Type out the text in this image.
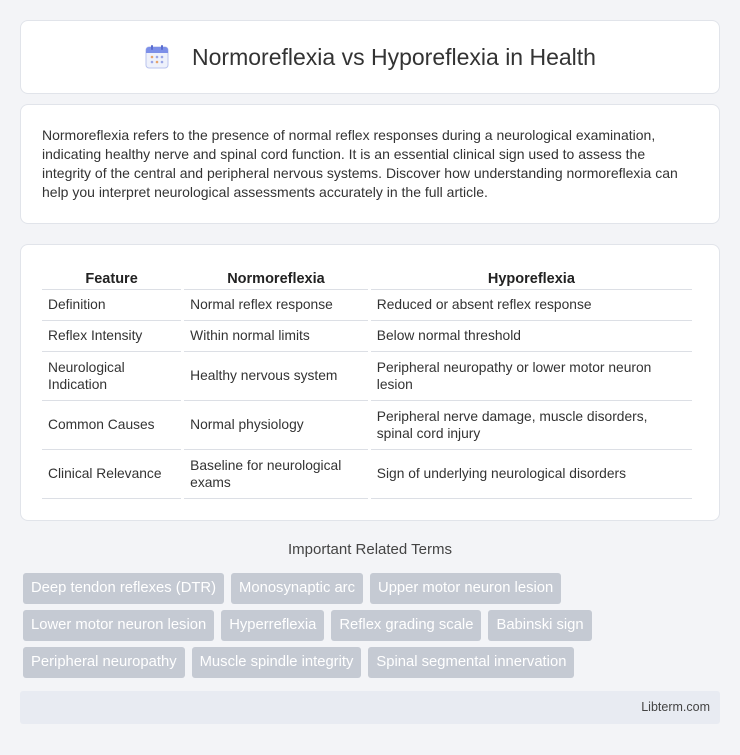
Normoreflexia vs Hyporeflexia in Health

Normoreflexia refers to the presence of normal reflex responses during a neurological examination, indicating healthy nerve and spinal cord function. It is an essential clinical sign used to assess the integrity of the central and peripheral nervous systems. Discover how understanding normoreflexia can help you interpret neurological assessments accurately in the full article.

Feature	Normoreflexia	Hyporeflexia
Definition	Normal reflex response	Reduced or absent reflex response
Reflex Intensity	Within normal limits	Below normal threshold
Neurological Indication	Healthy nervous system	Peripheral neuropathy or lower motor neuron lesion
Common Causes	Normal physiology	Peripheral nerve damage, muscle disorders, spinal cord injury
Clinical Relevance	Baseline for neurological exams	Sign of underlying neurological disorders
Important Related Terms
Deep tendon reflexes (DTR)	Monosynaptic arc	Upper motor neuron lesion
Lower motor neuron lesion	Hyperreflexia	Reflex grading scale	Babinski sign
Peripheral neuropathy	Muscle spindle integrity	Spinal segmental innervation
Libterm.com
